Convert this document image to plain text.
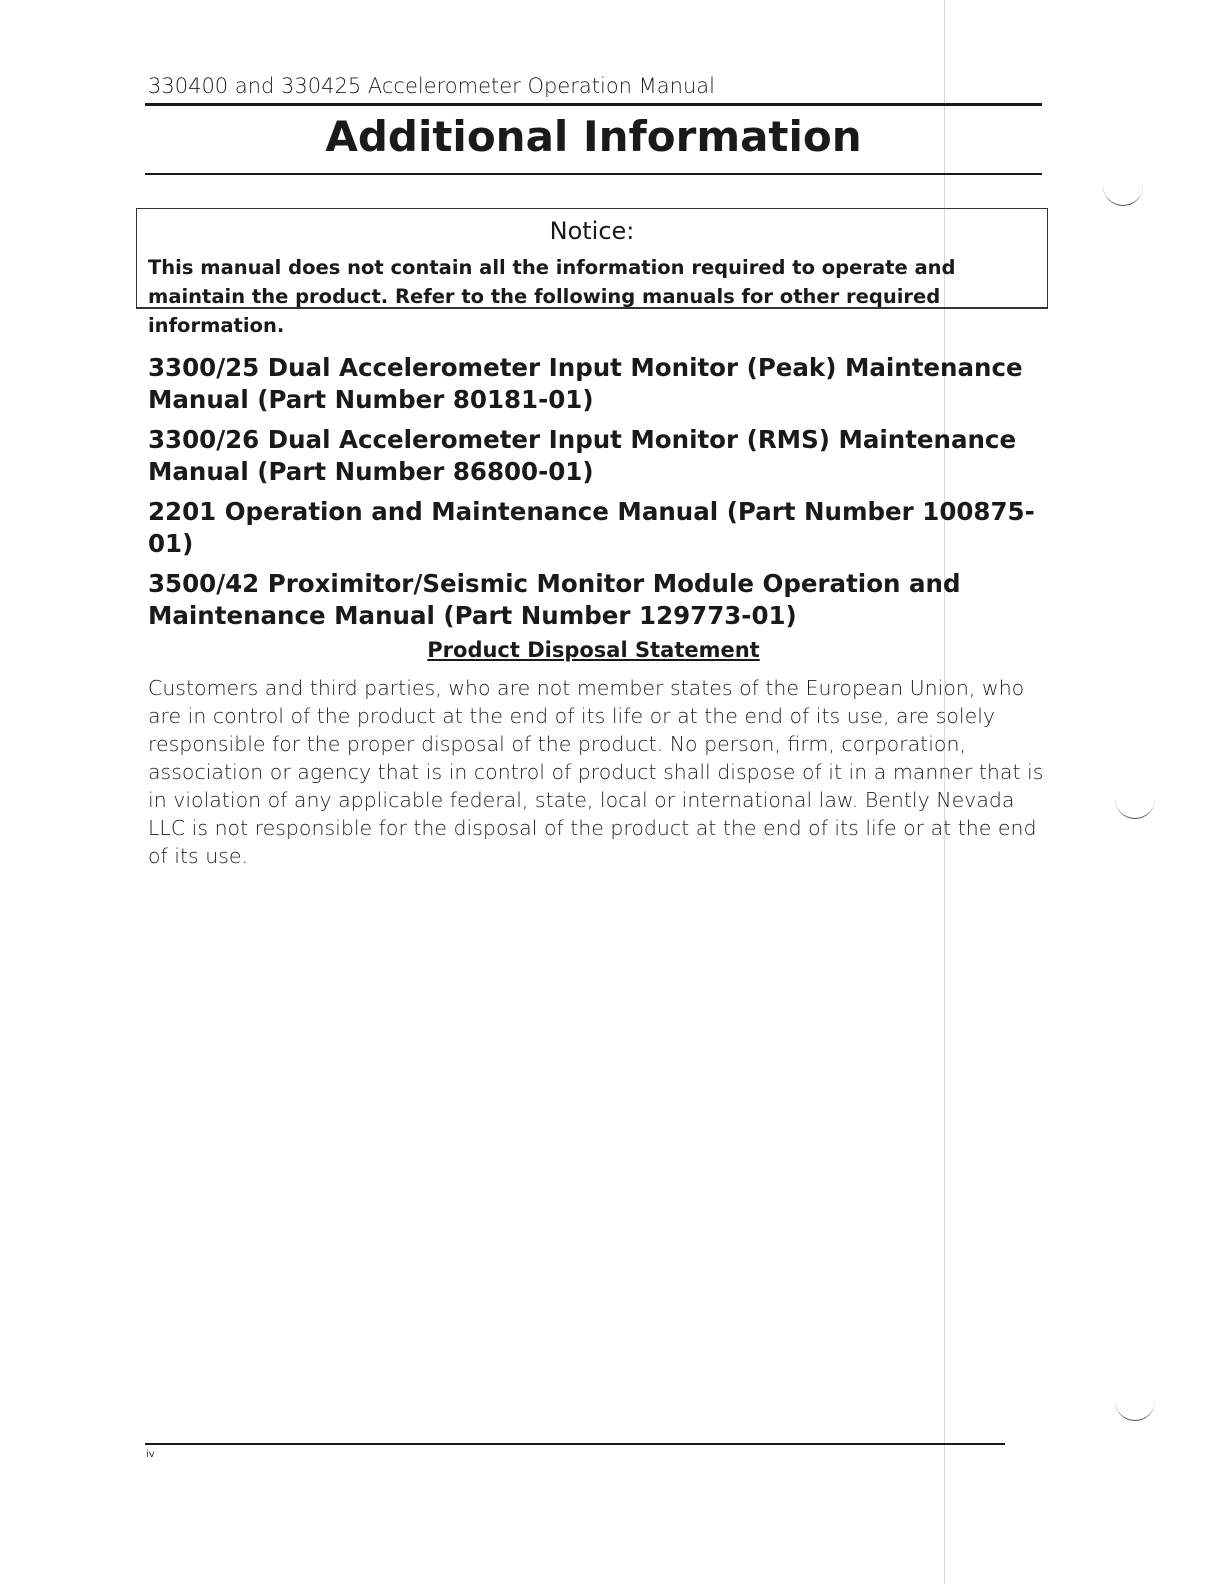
330400 and 330425 Accelerometer Operation Manual
Additional Information
Notice:
This manual does not contain all the information required to operate and maintain the product. Refer to the following manuals for other required information.
3300/25 Dual Accelerometer Input Monitor (Peak) Maintenance Manual (Part Number 80181-01)
3300/26 Dual Accelerometer Input Monitor (RMS) Maintenance Manual (Part Number 86800-01)
2201 Operation and Maintenance Manual (Part Number 100875-01)
3500/42 Proximitor/Seismic Monitor Module Operation and Maintenance Manual (Part Number 129773-01)
Product Disposal Statement
Customers and third parties, who are not member states of the European Union, who are in control of the product at the end of its life or at the end of its use, are solely responsible for the proper disposal of the product. No person, firm, corporation, association or agency that is in control of product shall dispose of it in a manner that is in violation of any applicable federal, state, local or international law. Bently Nevada LLC is not responsible for the disposal of the product at the end of its life or at the end of its use.
iv
